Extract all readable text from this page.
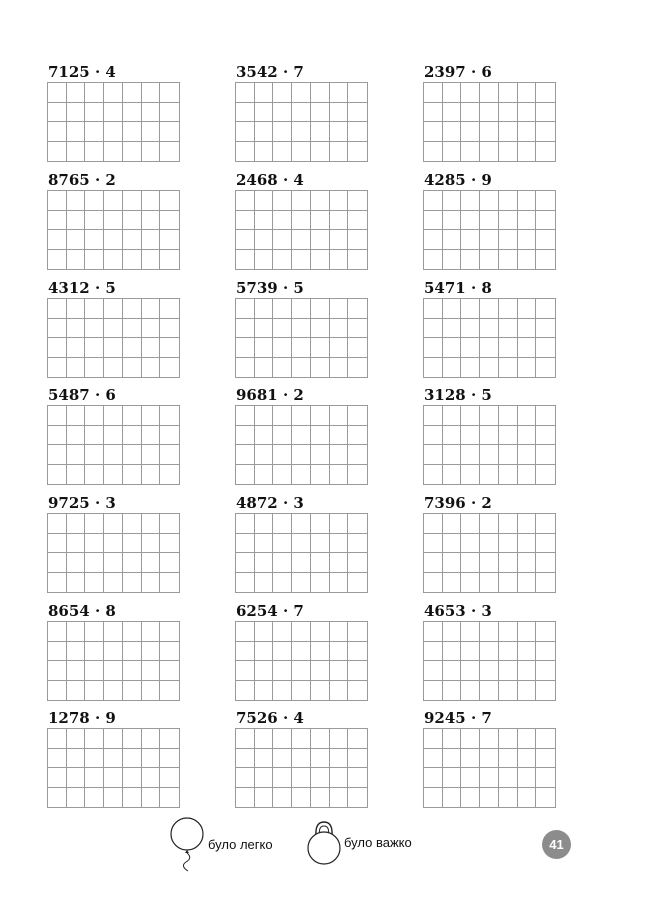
7125 · 4	3542 · 7	2397 · 6
8765 · 2	2468 · 4	4285 · 9
4312 · 5	5739 · 5	5471 · 8
5487 · 6	9681 · 2	3128 · 5
9725 · 3	4872 · 3	7396 · 2
8654 · 8	6254 · 7	4653 · 3
1278 · 9	7526 · 4	9245 · 7
було легко	було важко	41
